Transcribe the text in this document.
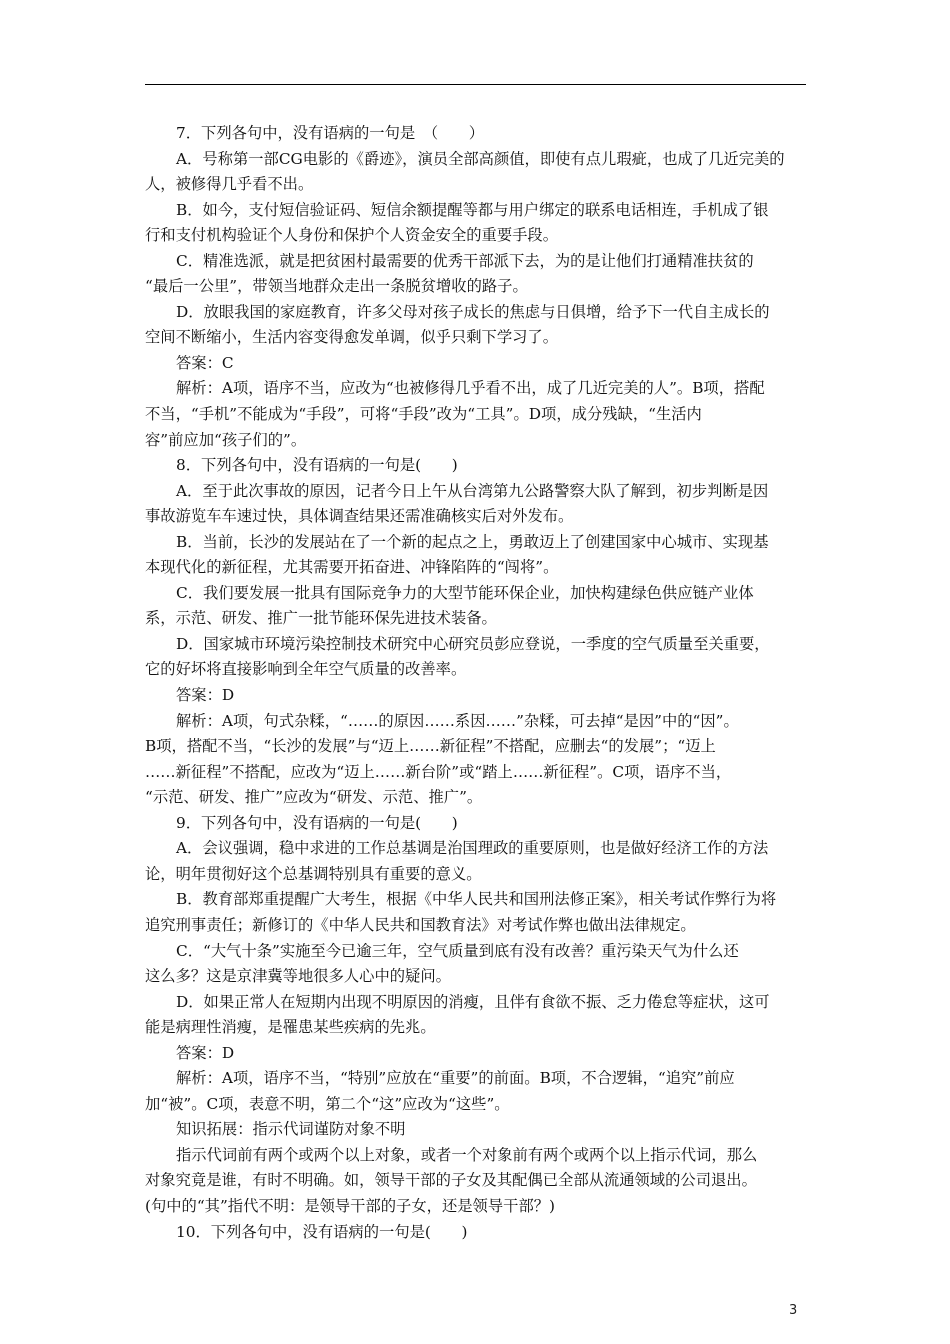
7．下列各句中，没有语病的一句是　（　　）
A．号称第一部CG电影的《爵迹》，演员全部高颜值，即使有点儿瑕疵，也成了几近完美的
人，被修得几乎看不出。
B．如今，支付短信验证码、短信余额提醒等都与用户绑定的联系电话相连，手机成了银
行和支付机构验证个人身份和保护个人资金安全的重要手段。
C．精准选派，就是把贫困村最需要的优秀干部派下去，为的是让他们打通精准扶贫的
“最后一公里”，带领当地群众走出一条脱贫增收的路子。
D．放眼我国的家庭教育，许多父母对孩子成长的焦虑与日俱增，给予下一代自主成长的
空间不断缩小，生活内容变得愈发单调，似乎只剩下学习了。
答案：C
解析：A项，语序不当，应改为“也被修得几乎看不出，成了几近完美的人”。B项，搭配
不当，“手机”不能成为“手段”，可将“手段”改为“工具”。D项，成分残缺，“生活内
容”前应加“孩子们的”。
8．下列各句中，没有语病的一句是(　　)
A．至于此次事故的原因，记者今日上午从台湾第九公路警察大队了解到，初步判断是因
事故游览车车速过快，具体调查结果还需准确核实后对外发布。
B．当前，长沙的发展站在了一个新的起点之上，勇敢迈上了创建国家中心城市、实现基
本现代化的新征程，尤其需要开拓奋进、冲锋陷阵的“闯将”。
C．我们要发展一批具有国际竞争力的大型节能环保企业，加快构建绿色供应链产业体
系，示范、研发、推广一批节能环保先进技术装备。
D．国家城市环境污染控制技术研究中心研究员彭应登说，一季度的空气质量至关重要，
它的好坏将直接影响到全年空气质量的改善率。
答案：D
解析：A项，句式杂糅，“……的原因……系因……”杂糅，可去掉“是因”中的“因”。
B项，搭配不当，“长沙的发展”与“迈上……新征程”不搭配，应删去“的发展”；“迈上
……新征程”不搭配，应改为“迈上……新台阶”或“踏上……新征程”。C项，语序不当，
“示范、研发、推广”应改为“研发、示范、推广”。
9．下列各句中，没有语病的一句是(　　)
A．会议强调，稳中求进的工作总基调是治国理政的重要原则，也是做好经济工作的方法
论，明年贯彻好这个总基调特别具有重要的意义。
B．教育部郑重提醒广大考生，根据《中华人民共和国刑法修正案》，相关考试作弊行为将
追究刑事责任；新修订的《中华人民共和国教育法》对考试作弊也做出法律规定。
C．“大气十条”实施至今已逾三年，空气质量到底有没有改善？重污染天气为什么还
这么多？这是京津冀等地很多人心中的疑问。
D．如果正常人在短期内出现不明原因的消瘦，且伴有食欲不振、乏力倦怠等症状，这可
能是病理性消瘦，是罹患某些疾病的先兆。
答案：D
解析：A项，语序不当，“特别”应放在“重要”的前面。B项，不合逻辑，“追究”前应
加“被”。C项，表意不明，第二个“这”应改为“这些”。
知识拓展：指示代词谨防对象不明
指示代词前有两个或两个以上对象，或者一个对象前有两个或两个以上指示代词，那么
对象究竟是谁，有时不明确。如，领导干部的子女及其配偶已全部从流通领域的公司退出。
(句中的“其”指代不明：是领导干部的子女，还是领导干部？)
10．下列各句中，没有语病的一句是(　　)
3
